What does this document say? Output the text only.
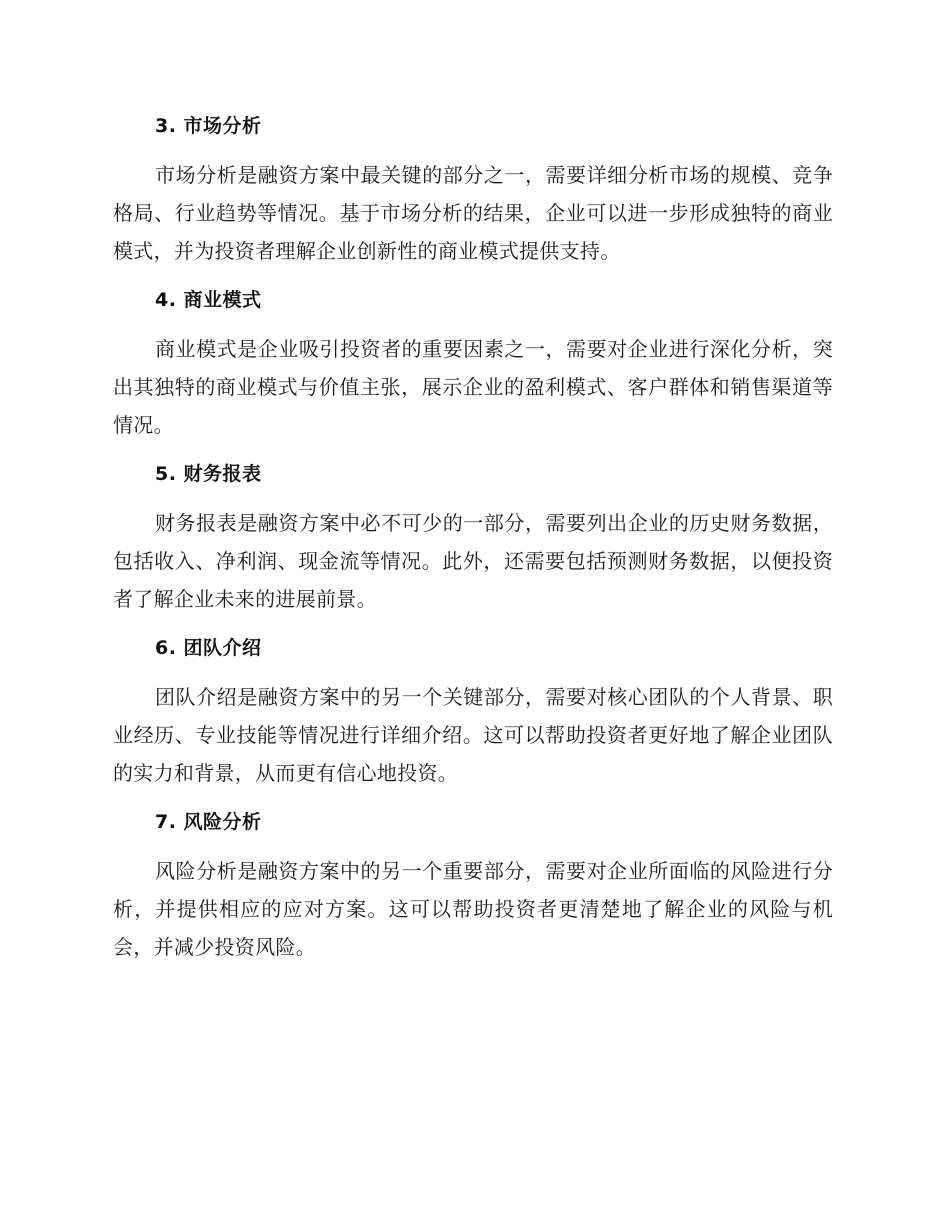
3. 市场分析

市场分析是融资方案中最关键的部分之一，需要详细分析市场的规模、竞争格局、行业趋势等情况。基于市场分析的结果，企业可以进一步形成独特的商业模式，并为投资者理解企业创新性的商业模式提供支持。

4. 商业模式

商业模式是企业吸引投资者的重要因素之一，需要对企业进行深化分析，突出其独特的商业模式与价值主张，展示企业的盈利模式、客户群体和销售渠道等情况。

5. 财务报表

财务报表是融资方案中必不可少的一部分，需要列出企业的历史财务数据，包括收入、净利润、现金流等情况。此外，还需要包括预测财务数据，以便投资者了解企业未来的进展前景。

6. 团队介绍

团队介绍是融资方案中的另一个关键部分，需要对核心团队的个人背景、职业经历、专业技能等情况进行详细介绍。这可以帮助投资者更好地了解企业团队的实力和背景，从而更有信心地投资。

7. 风险分析

风险分析是融资方案中的另一个重要部分，需要对企业所面临的风险进行分析，并提供相应的应对方案。这可以帮助投资者更清楚地了解企业的风险与机会，并减少投资风险。
